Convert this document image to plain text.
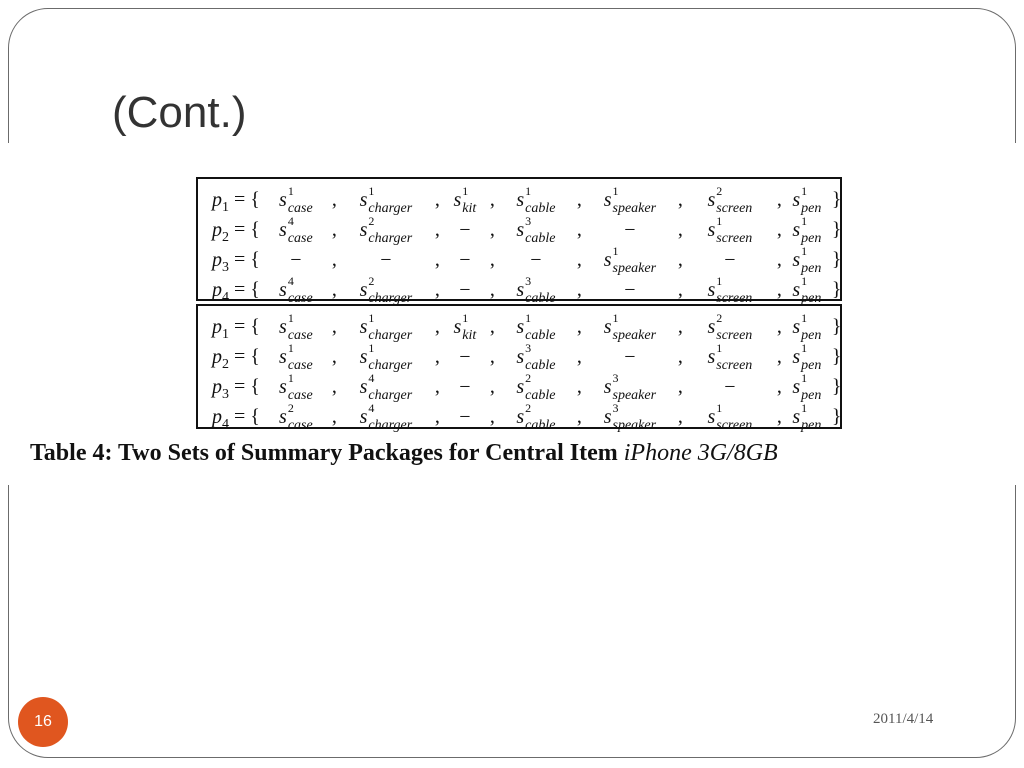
(Cont.)
$p_1$ = { $s^1_{case}$ , $s^1_{charger}$ , $s^1_{kit}$ , $s^1_{cable}$ , $s^1_{speaker}$ , $s^2_{screen}$ , $s^1_{pen}$ }
$p_2$ = { $s^4_{case}$ , $s^2_{charger}$ , − , $s^3_{cable}$ , − , $s^1_{screen}$ , $s^1_{pen}$ }
$p_3$ = { − , − , − , − , $s^1_{speaker}$ , − , $s^1_{pen}$ }
$p_4$ = { $s^4_{case}$ , $s^2_{charger}$ , − , $s^3_{cable}$ , − , $s^1_{screen}$ , $s^1_{pen}$ }
$p_1$ = { $s^1_{case}$ , $s^1_{charger}$ , $s^1_{kit}$ , $s^1_{cable}$ , $s^1_{speaker}$ , $s^2_{screen}$ , $s^1_{pen}$ }
$p_2$ = { $s^1_{case}$ , $s^1_{charger}$ , − , $s^3_{cable}$ , − , $s^1_{screen}$ , $s^1_{pen}$ }
$p_3$ = { $s^1_{case}$ , $s^4_{charger}$ , − , $s^2_{cable}$ , $s^3_{speaker}$ , − , $s^1_{pen}$ }
$p_4$ = { $s^2_{case}$ , $s^4_{charger}$ , − , $s^2_{cable}$ , $s^3_{speaker}$ , $s^1_{screen}$ , $s^1_{pen}$ }
Table 4: Two Sets of Summary Packages for Central Item iPhone 3G/8GB
16	2011/4/14
